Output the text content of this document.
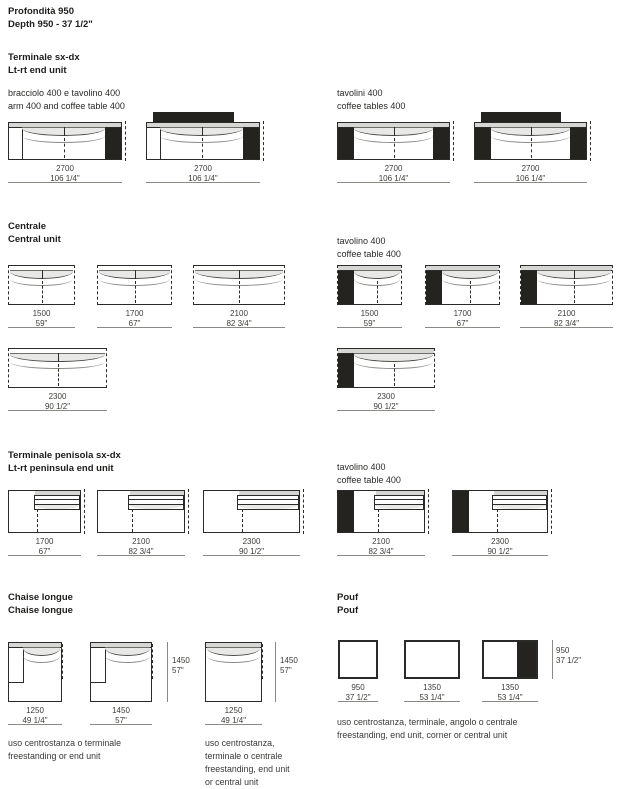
Profondità 950
Depth 950 - 37 1/2"
Terminale sx-dx
Lt-rt end unit
bracciolo 400 e tavolino 400
arm 400 and coffee table 400
tavolini 400
coffee tables 400
2700
106 1/4"
2700
106 1/4"
2700
106 1/4"
2700
106 1/4"
Centrale
Central unit	tavolino 400
coffee table 400
1500
59"
1700
67"
2100
82 3/4"
1500
59"
1700
67"
2100
82 3/4"
2300
90 1/2"
2300
90 1/2"
Terminale penisola sx-dx
Lt-rt peninsula end unit	tavolino 400
coffee table 400
1700
67"
2100
82 3/4"
2300
90 1/2"
2100
82 3/4"
2300
90 1/2"
Chaise longue
Chaise longue
Pouf
Pouf
1250
49 1/4"
1450
57"
1450
57"
1250
49 1/4"
1450
57"
950
37 1/2"
1350
53 1/4"
1350
53 1/4"
950
37 1/2"
uso centrostanza o terminale
freestanding or end unit
uso centrostanza,
terminale o centrale
freestanding, end unit
or central unit
uso centrostanza, terminale, angolo o centrale
freestanding, end unit, corner or central unit
